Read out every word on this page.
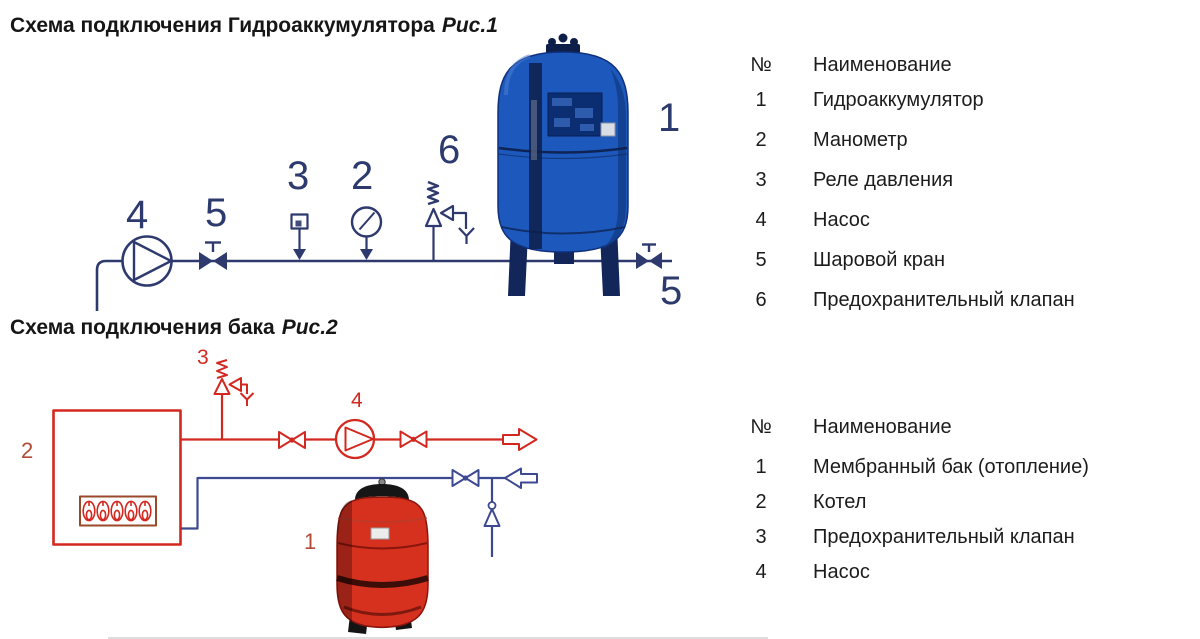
Схема подключения Гидроаккумулятора Рис.1
Схема подключения бака Рис.2
4 5
3 2
6
1
5
2
3
4
1
№ Наименование
1	Гидроаккумулятор
2	Манометр
3	Реле давления
4	Насос
5	Шаровой кран
6	Предохранительный клапан
№ Наименование
1	Мембранный бак (отопление)
2	Котел
3	Предохранительный клапан
4	Насос
